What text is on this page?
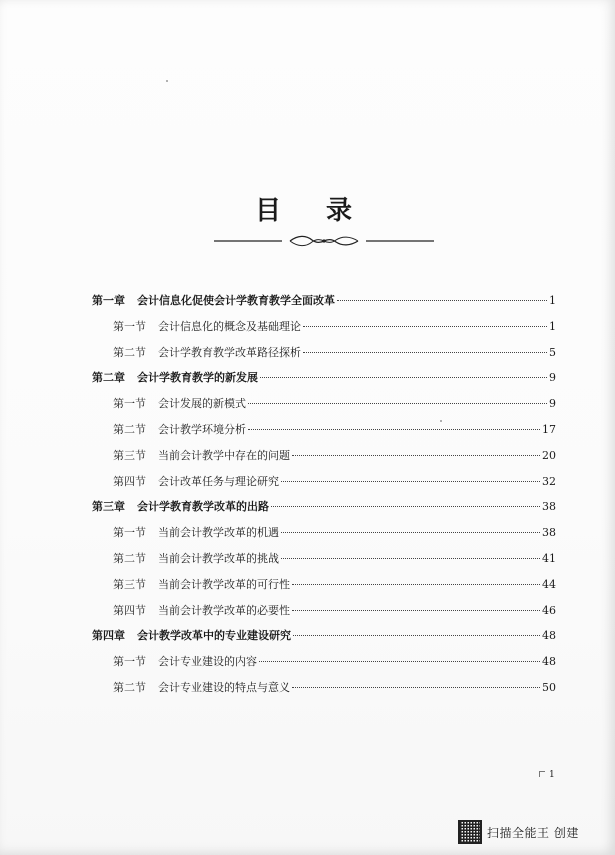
目 录
第一章 会计信息化促使会计学教育教学全面改革	1
第一节 会计信息化的概念及基础理论	1
第二节 会计学教育教学改革路径探析	5
第二章 会计学教育教学的新发展	9
第一节 会计发展的新模式	9
第二节 会计教学环境分析	17
第三节 当前会计教学中存在的问题	20
第四节 会计改革任务与理论研究	32
第三章 会计学教育教学改革的出路	38
第一节 当前会计教学改革的机遇	38
第二节 当前会计教学改革的挑战	41
第三节 当前会计教学改革的可行性	44
第四节 当前会计教学改革的必要性	46
第四章 会计教学改革中的专业建设研究	48
第一节 会计专业建设的内容	48
第二节 会计专业建设的特点与意义	50
1
扫描全能王 创建
